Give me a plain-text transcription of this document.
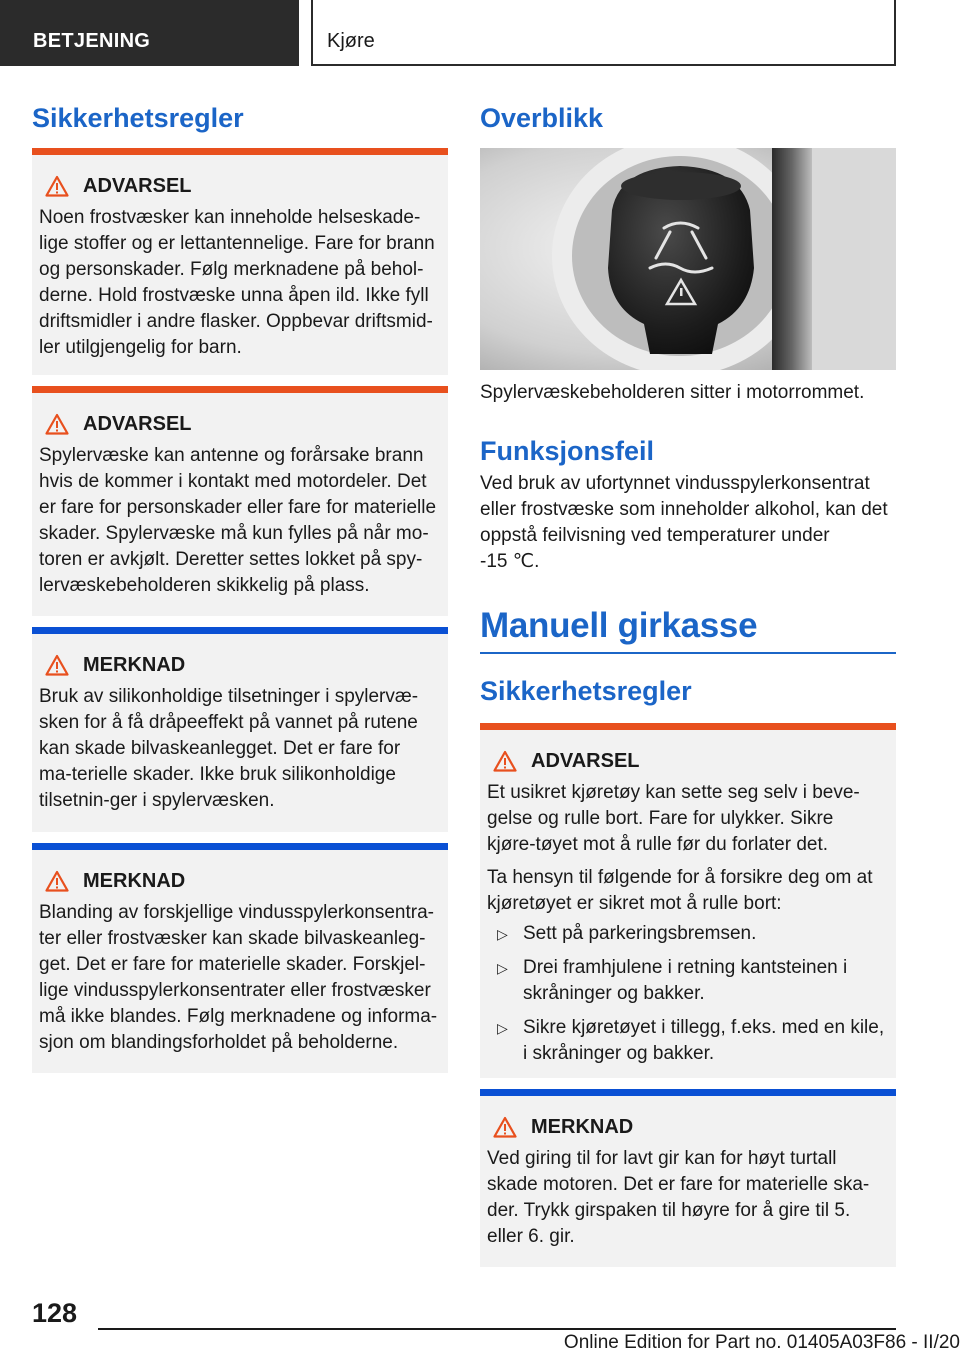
BETJENING	Kjøre
Sikkerhetsregler
ADVARSEL

Noen frostvæsker kan inneholde helseskade-lige stoffer og er lettantennelige. Fare for brann og personskader. Følg merknadene på behol-derne. Hold frostvæske unna åpen ild. Ikke fyll driftsmidler i andre flasker. Oppbevar driftsmid-ler utilgjengelig for barn.

ADVARSEL

Spylervæske kan antenne og forårsake brann hvis de kommer i kontakt med motordeler. Det er fare for personskader eller fare for materielle skader. Spylervæske må kun fylles på når mo-toren er avkjølt. Deretter settes lokket på spy-lervæskebeholderen skikkelig på plass.

MERKNAD

Bruk av silikonholdige tilsetninger i spylervæ-sken for å få dråpeeffekt på vannet på rutene kan skade bilvaskeanlegget. Det er fare for ma-terielle skader. Ikke bruk silikonholdige tilsetnin-ger i spylervæsken.

MERKNAD

Blanding av forskjellige vindusspylerkonsentra-ter eller frostvæsker kan skade bilvaskeanleg-get. Det er fare for materielle skader. Forskjel-lige vindusspylerkonsentrater eller frostvæsker må ikke blandes. Følg merknadene og informa-sjon om blandingsforholdet på beholderne.

Overblikk

Spylervæskebeholderen sitter i motorrommet.

Funksjonsfeil

Ved bruk av ufortynnet vindusspylerkonsentrat eller frostvæske som inneholder alkohol, kan det oppstå feilvisning ved temperaturer under

-15 ℃.

Manuell girkasse
Sikkerhetsregler
ADVARSEL

Et usikret kjøretøy kan sette seg selv i beve-gelse og rulle bort. Fare for ulykker. Sikre kjøre-tøyet mot å rulle før du forlater det.

Ta hensyn til følgende for å forsikre deg om at kjøretøyet er sikret mot å rulle bort:

▷ Sett på parkeringsbremsen.
▷ Drei framhjulene i retning kantsteinen i skråninger og bakker.
▷ Sikre kjøretøyet i tillegg, f.eks. med en kile, i skråninger og bakker.
MERKNAD

Ved giring til for lavt gir kan for høyt turtall skade motoren. Det er fare for materielle ska-der. Trykk girspaken til høyre for å gire til 5. eller 6. gir.

128
Online Edition for Part no. 01405A03F86 - II/20
